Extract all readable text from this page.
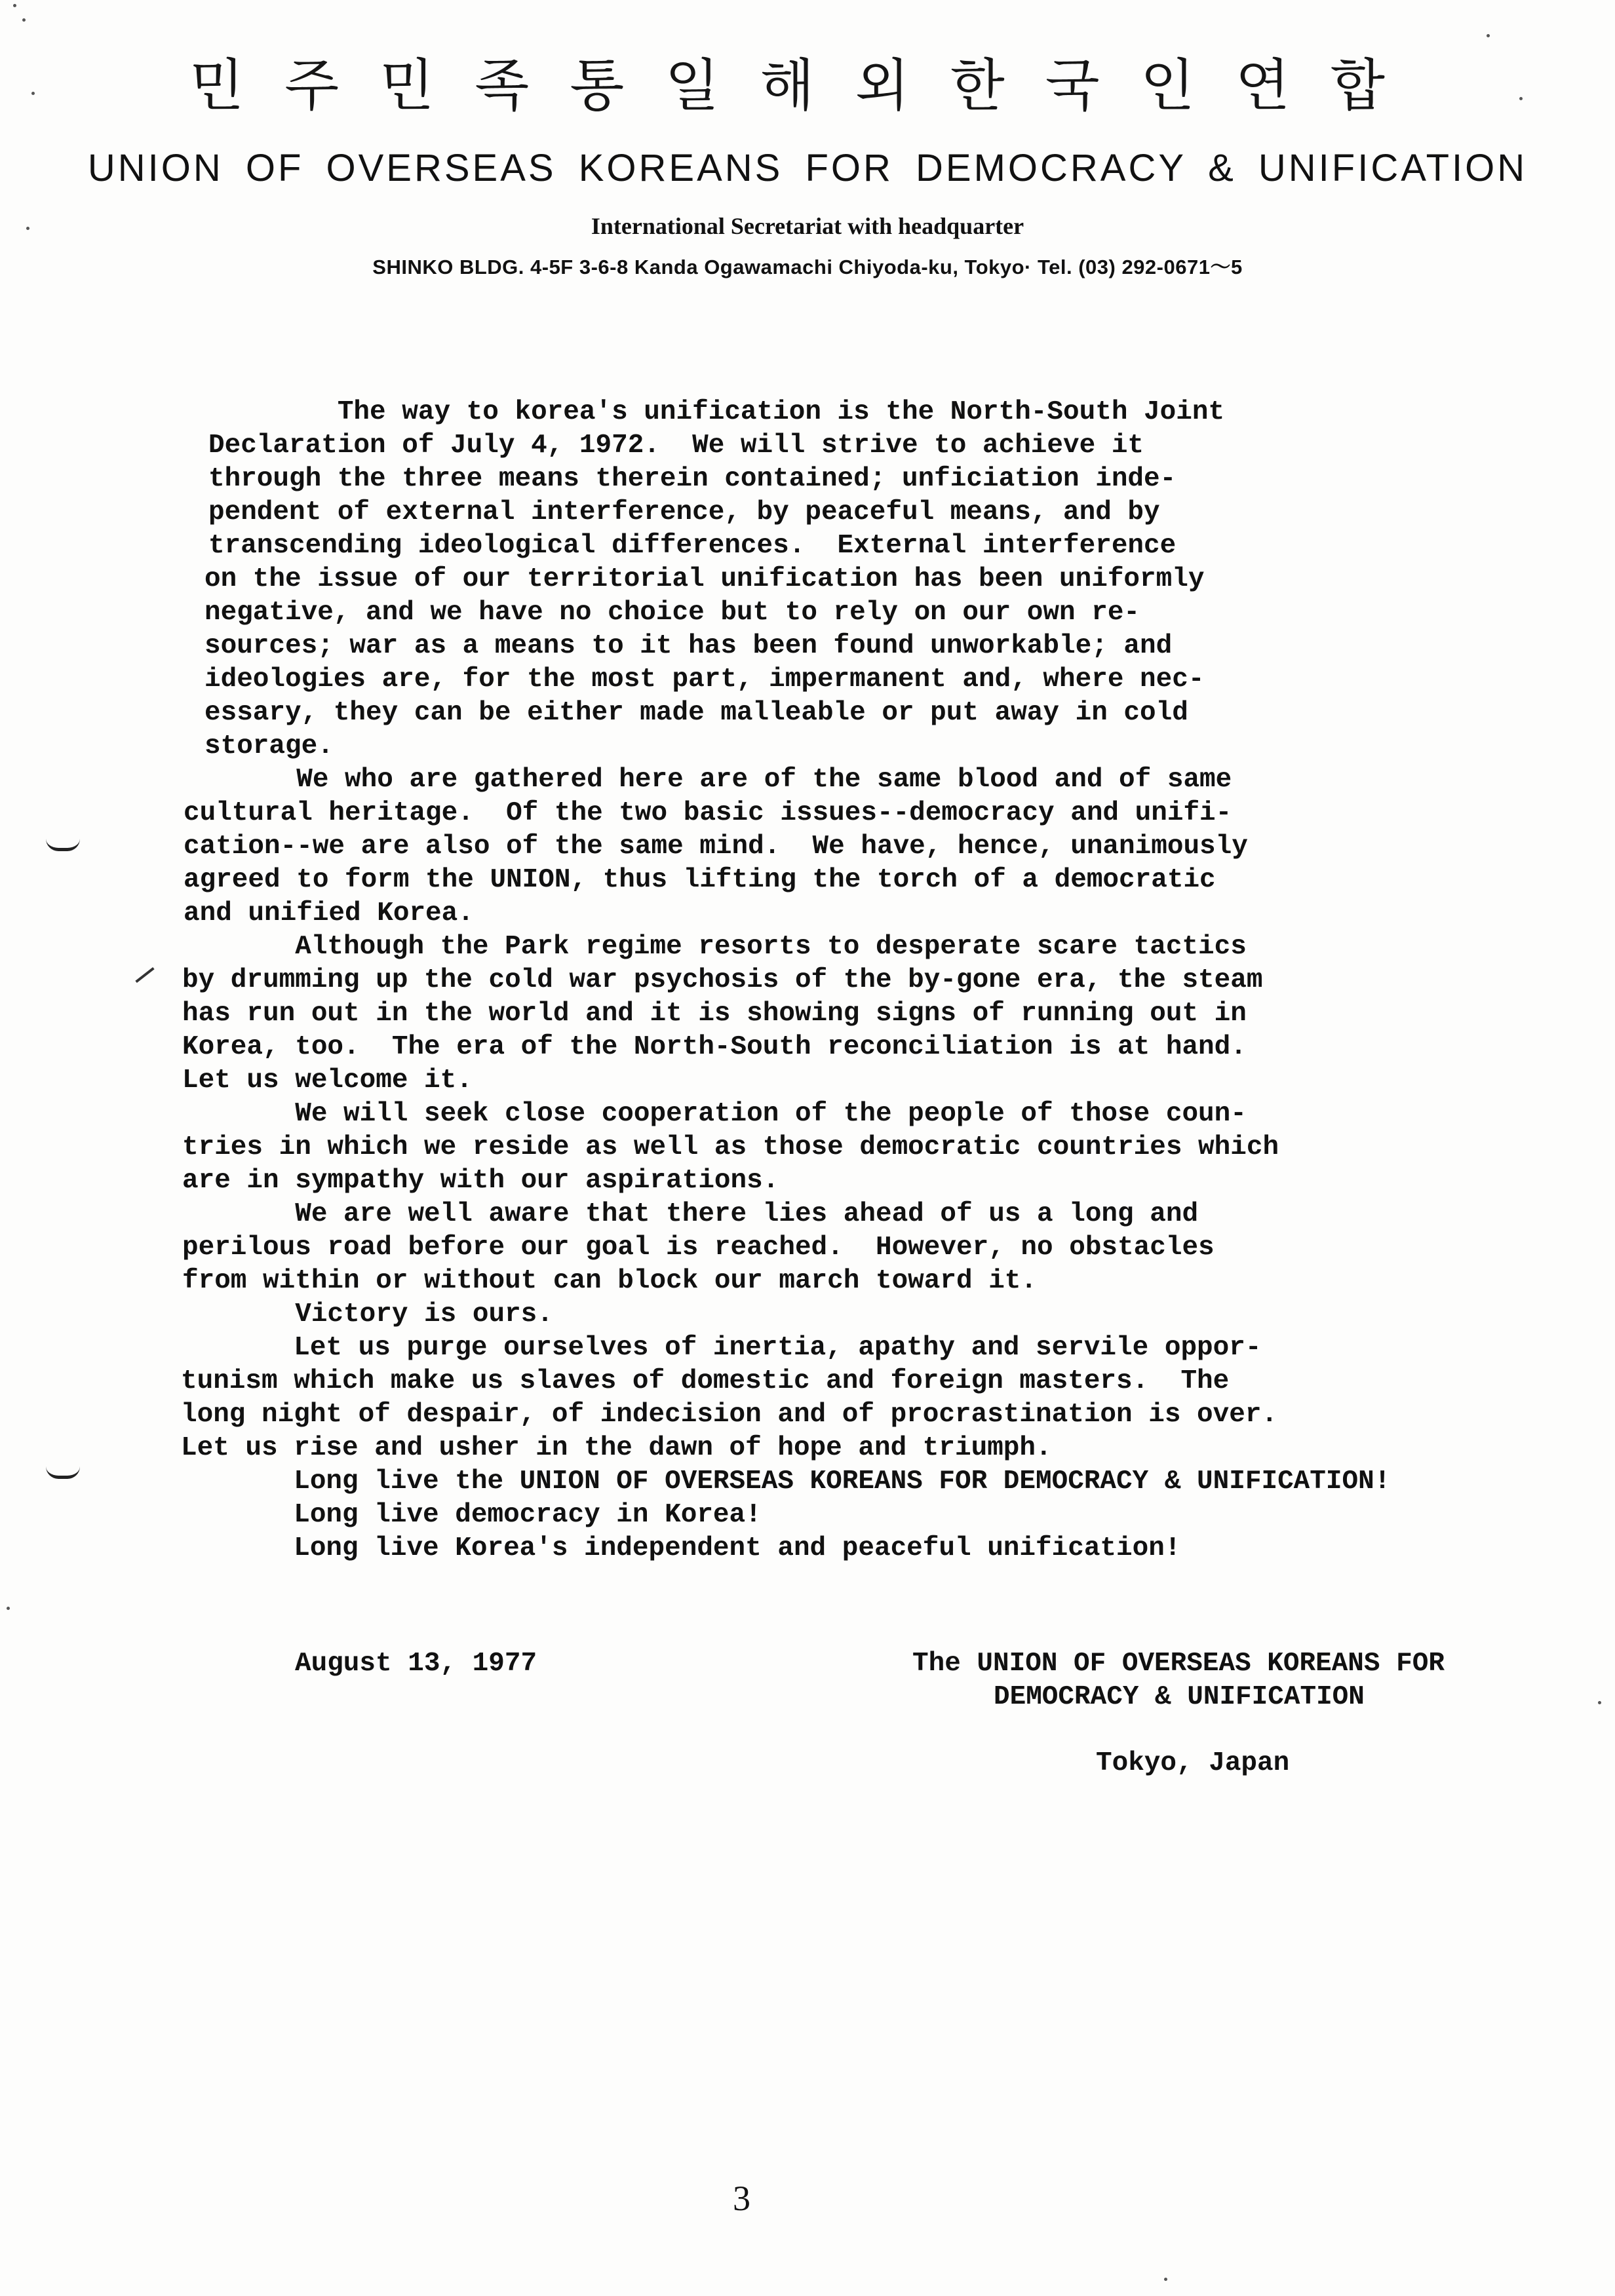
민주민족통일해외한국인연합
UNION OF OVERSEAS KOREANS FOR DEMOCRACY & UNIFICATION
International Secretariat with headquarter
SHINKO BLDG. 4-5F 3-6-8 Kanda Ogawamachi Chiyoda-ku, Tokyo· Tel. (03) 292-0671～5

The way to korea's unification is the North-South Joint

Declaration of July 4, 1972.  We will strive to achieve it

through the three means therein contained; unficiation inde-

pendent of external interference, by peaceful means, and by

transcending ideological differences.  External interference

on the issue of our territorial unification has been uniformly

negative, and we have no choice but to rely on our own re-

sources; war as a means to it has been found unworkable; and

ideologies are, for the most part, impermanent and, where nec-

essary, they can be either made malleable or put away in cold

storage.

We who are gathered here are of the same blood and of same

cultural heritage.  Of the two basic issues--democracy and unifi-

cation--we are also of the same mind.  We have, hence, unanimously

agreed to form the UNION, thus lifting the torch of a democratic

and unified Korea.

Although the Park regime resorts to desperate scare tactics

by drumming up the cold war psychosis of the by-gone era, the steam

has run out in the world and it is showing signs of running out in

Korea, too.  The era of the North-South reconciliation is at hand.

Let us welcome it.

We will seek close cooperation of the people of those coun-

tries in which we reside as well as those democratic countries which

are in sympathy with our aspirations.

We are well aware that there lies ahead of us a long and

perilous road before our goal is reached.  However, no obstacles

from within or without can block our march toward it.

Victory is ours.

Let us purge ourselves of inertia, apathy and servile oppor-

tunism which make us slaves of domestic and foreign masters.  The

long night of despair, of indecision and of procrastination is over.

Let us rise and usher in the dawn of hope and triumph.

Long live the UNION OF OVERSEAS KOREANS FOR DEMOCRACY & UNIFICATION!

Long live democracy in Korea!

Long live Korea's independent and peaceful unification!

August 13, 1977	The UNION OF OVERSEAS KOREANS FOR
DEMOCRACY & UNIFICATION
Tokyo, Japan
3
